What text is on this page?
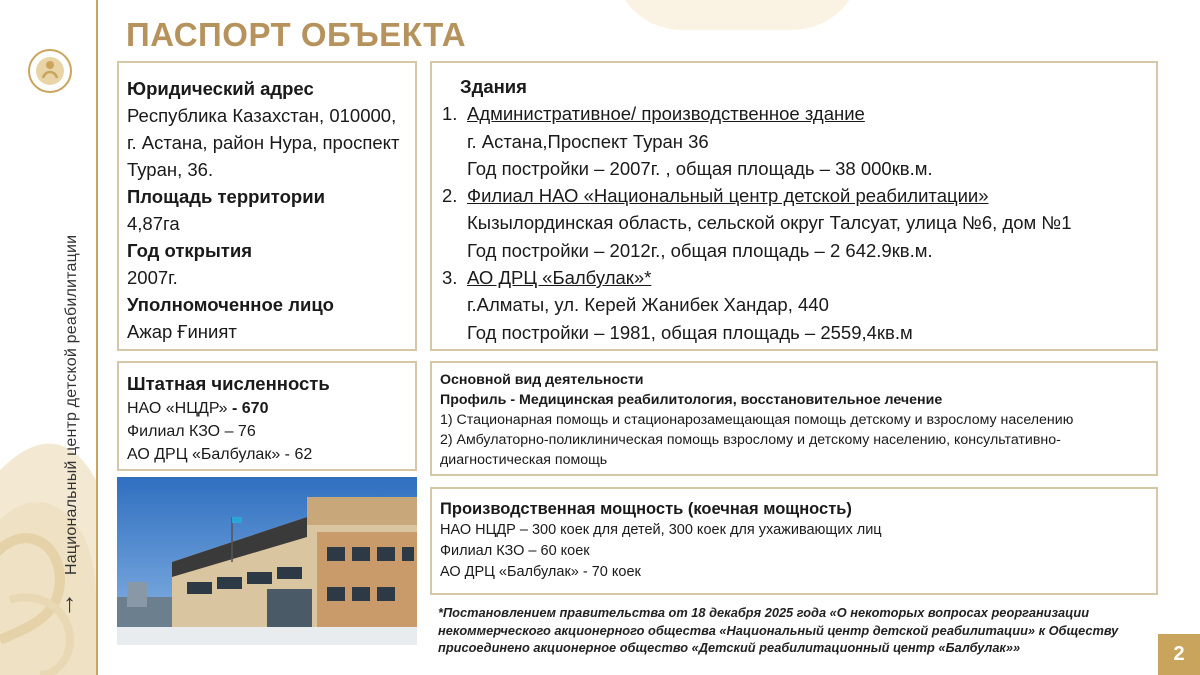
Национальный центр детской реабилитации
→
ПАСПОРТ ОБЪЕКТА
Юридический адрес
Республика Казахстан, 010000,
г. Астана, район Нура, проспект
Туран, 36.
Площадь территории
4,87га
Год открытия
2007г.
Уполномоченное лицо
Ажар Ғиният
Здания
1. Административное/ производственное здание
г. Астана,Проспект Туран 36
Год постройки – 2007г. , общая площадь – 38 000кв.м.
2. Филиал НАО «Национальный центр детской реабилитации»
Кызылординская область, сельской округ Талсуат, улица №6, дом №1
Год постройки – 2012г., общая площадь – 2 642.9кв.м.
3. АО ДРЦ «Балбулак»*
г.Алматы, ул. Керей Жанибек Хандар, 440
Год постройки – 1981, общая площадь – 2559,4кв.м
Штатная численность
НАО «НЦДР» - 670
Филиал КЗО – 76
АО ДРЦ «Балбулак» - 62
Основной вид деятельности
Профиль - Медицинская реабилитология, восстановительное лечение
1) Стационарная помощь и стационарозамещающая помощь детскому и взрослому населению
2) Амбулаторно-поликлиническая помощь взрослому и детскому населению, консультативно-
диагностическая помощь
Производственная мощность (коечная мощность)
НАО НЦДР – 300 коек для детей, 300 коек для ухаживающих лиц
Филиал КЗО – 60 коек
АО ДРЦ «Балбулак» - 70 коек
*Постановлением правительства от 18 декабря 2025 года «О некоторых вопросах реорганизации
некоммерческого акционерного общества «Национальный центр детской реабилитации» к Обществу
присоединено акционерное общество «Детский реабилитационный центр «Балбулак»»	2
